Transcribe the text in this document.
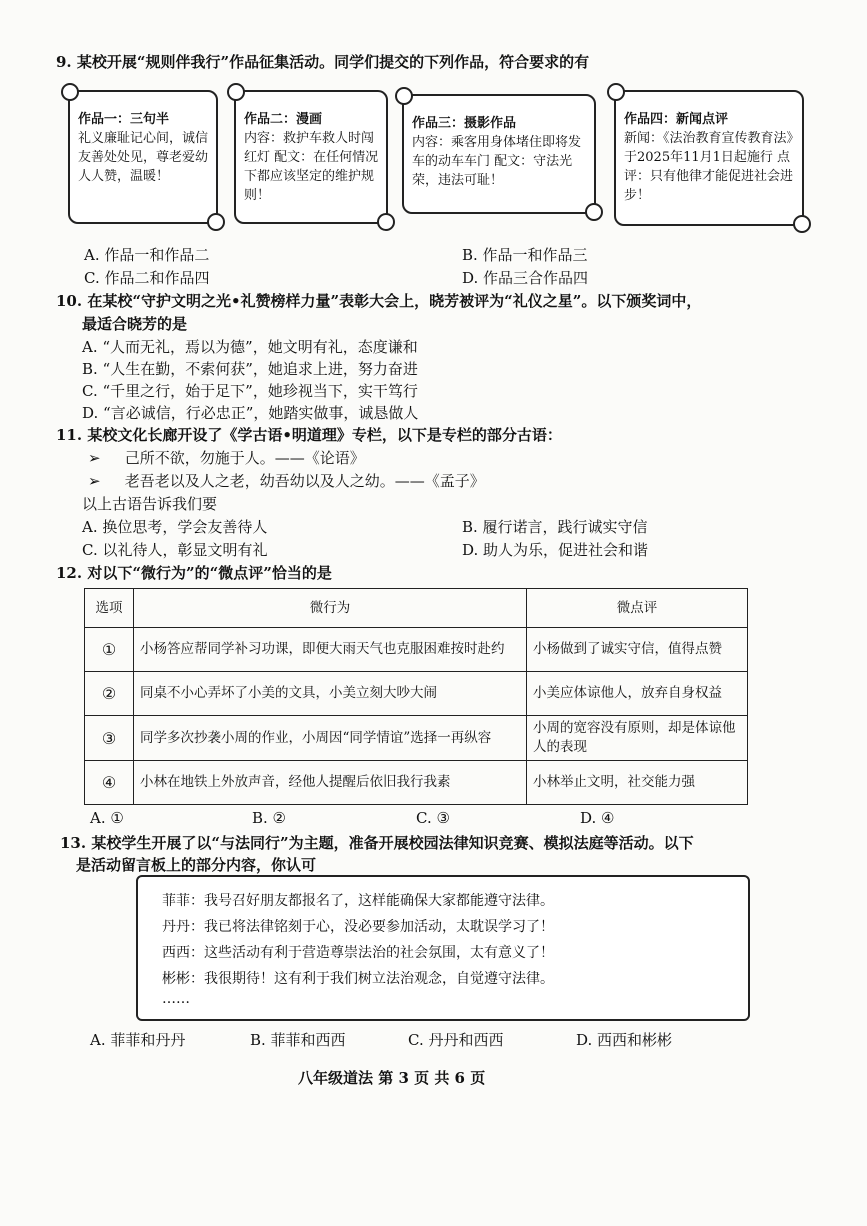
9. 某校开展“规则伴我行”作品征集活动。同学们提交的下列作品，符合要求的有
作品一：三句半
礼义廉耻记心间，诚信友善处处见，尊老爱幼人人赞，温暖！
作品二：漫画
内容：救护车救人时闯红灯 配文：在任何情况下都应该坚定的维护规则！
作品三：摄影作品
内容：乘客用身体堵住即将发车的动车车门 配文：守法光荣，违法可耻！
作品四：新闻点评
新闻：《法治教育宣传教育法》于2025年11月1日起施行 点评：只有他律才能促进社会进步！
A. 作品一和作品二	B. 作品一和作品三
C. 作品二和作品四	D. 作品三合作品四
10. 在某校“守护文明之光•礼赞榜样力量”表彰大会上，晓芳被评为“礼仪之星”。以下颁奖词中，
最适合晓芳的是
A. “人而无礼，焉以为德”，她文明有礼，态度谦和
B. “人生在勤，不索何获”，她追求上进，努力奋进
C. “千里之行，始于足下”，她珍视当下，实干笃行
D. “言必诚信，行必忠正”，她踏实做事，诚恳做人
11. 某校文化长廊开设了《学古语•明道理》专栏，以下是专栏的部分古语：
➢ 己所不欲，勿施于人。——《论语》
➢ 老吾老以及人之老，幼吾幼以及人之幼。——《孟子》
以上古语告诉我们要
A. 换位思考，学会友善待人	B. 履行诺言，践行诚实守信
C. 以礼待人，彰显文明有礼	D. 助人为乐，促进社会和谐
12. 对以下“微行为”的“微点评”恰当的是
选项	微行为	微点评
①	小杨答应帮同学补习功课，即便大雨天气也克服困难按时赴约	小杨做到了诚实守信，值得点赞
②	同桌不小心弄坏了小美的文具，小美立刻大吵大闹	小美应体谅他人，放弃自身权益
③	同学多次抄袭小周的作业，小周因“同学情谊”选择一再纵容	小周的宽容没有原则，却是体谅他人的表现
④	小林在地铁上外放声音，经他人提醒后依旧我行我素	小林举止文明，社交能力强
A. ①	B. ②	C. ③	D. ④
13. 某校学生开展了以“与法同行”为主题，准备开展校园法律知识竞赛、模拟法庭等活动。以下
是活动留言板上的部分内容，你认可
菲菲：我号召好朋友都报名了，这样能确保大家都能遵守法律。
丹丹：我已将法律铭刻于心，没必要参加活动，太耽误学习了！
西西：这些活动有利于营造尊崇法治的社会氛围，太有意义了！
彬彬：我很期待！这有利于我们树立法治观念，自觉遵守法律。
……
A. 菲菲和丹丹	B. 菲菲和西西	C. 丹丹和西西	D. 西西和彬彬
八年级道法 第 3 页 共 6 页
